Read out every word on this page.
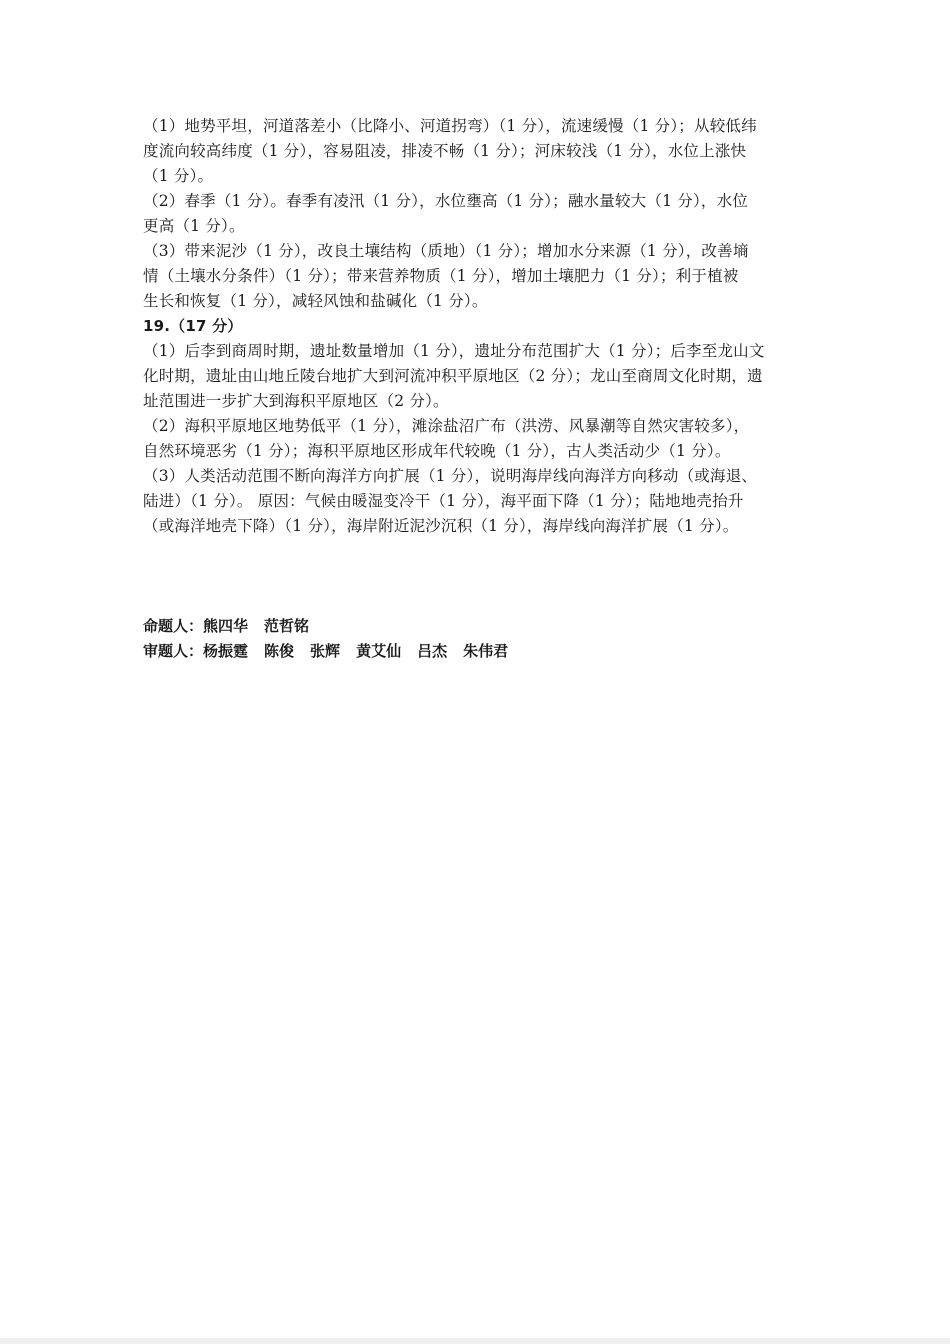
（1）地势平坦，河道落差小（比降小、河道拐弯）（1 分），流速缓慢（1 分）；从较低纬
度流向较高纬度（1 分），容易阻凌，排凌不畅（1 分）；河床较浅（1 分），水位上涨快
（1 分）。
（2）春季（1 分）。春季有凌汛（1 分），水位壅高（1 分）；融水量较大（1 分），水位
更高（1 分）。
（3）带来泥沙（1 分），改良土壤结构（质地）（1 分）；增加水分来源（1 分），改善墒
情（土壤水分条件）（1 分）；带来营养物质（1 分），增加土壤肥力（1 分）；利于植被
生长和恢复（1 分），减轻风蚀和盐碱化（1 分）。
19.（17 分）
（1）后李到商周时期，遗址数量增加（1 分），遗址分布范围扩大（1 分）；后李至龙山文
化时期，遗址由山地丘陵台地扩大到河流冲积平原地区（2 分）；龙山至商周文化时期，遗
址范围进一步扩大到海积平原地区（2 分）。
（2）海积平原地区地势低平（1 分），滩涂盐沼广布（洪涝、风暴潮等自然灾害较多），
自然环境恶劣（1 分）；海积平原地区形成年代较晚（1 分），古人类活动少（1 分）。
（3）人类活动范围不断向海洋方向扩展（1 分），说明海岸线向海洋方向移动（或海退、
陆进）（1 分）。 原因：气候由暖湿变冷干（1 分），海平面下降（1 分）；陆地地壳抬升
（或海洋地壳下降）（1 分），海岸附近泥沙沉积（1 分），海岸线向海洋扩展（1 分）。
命题人：熊四华 范哲铭
审题人：杨振霆 陈俊 张辉 黄艾仙 吕杰 朱伟君
